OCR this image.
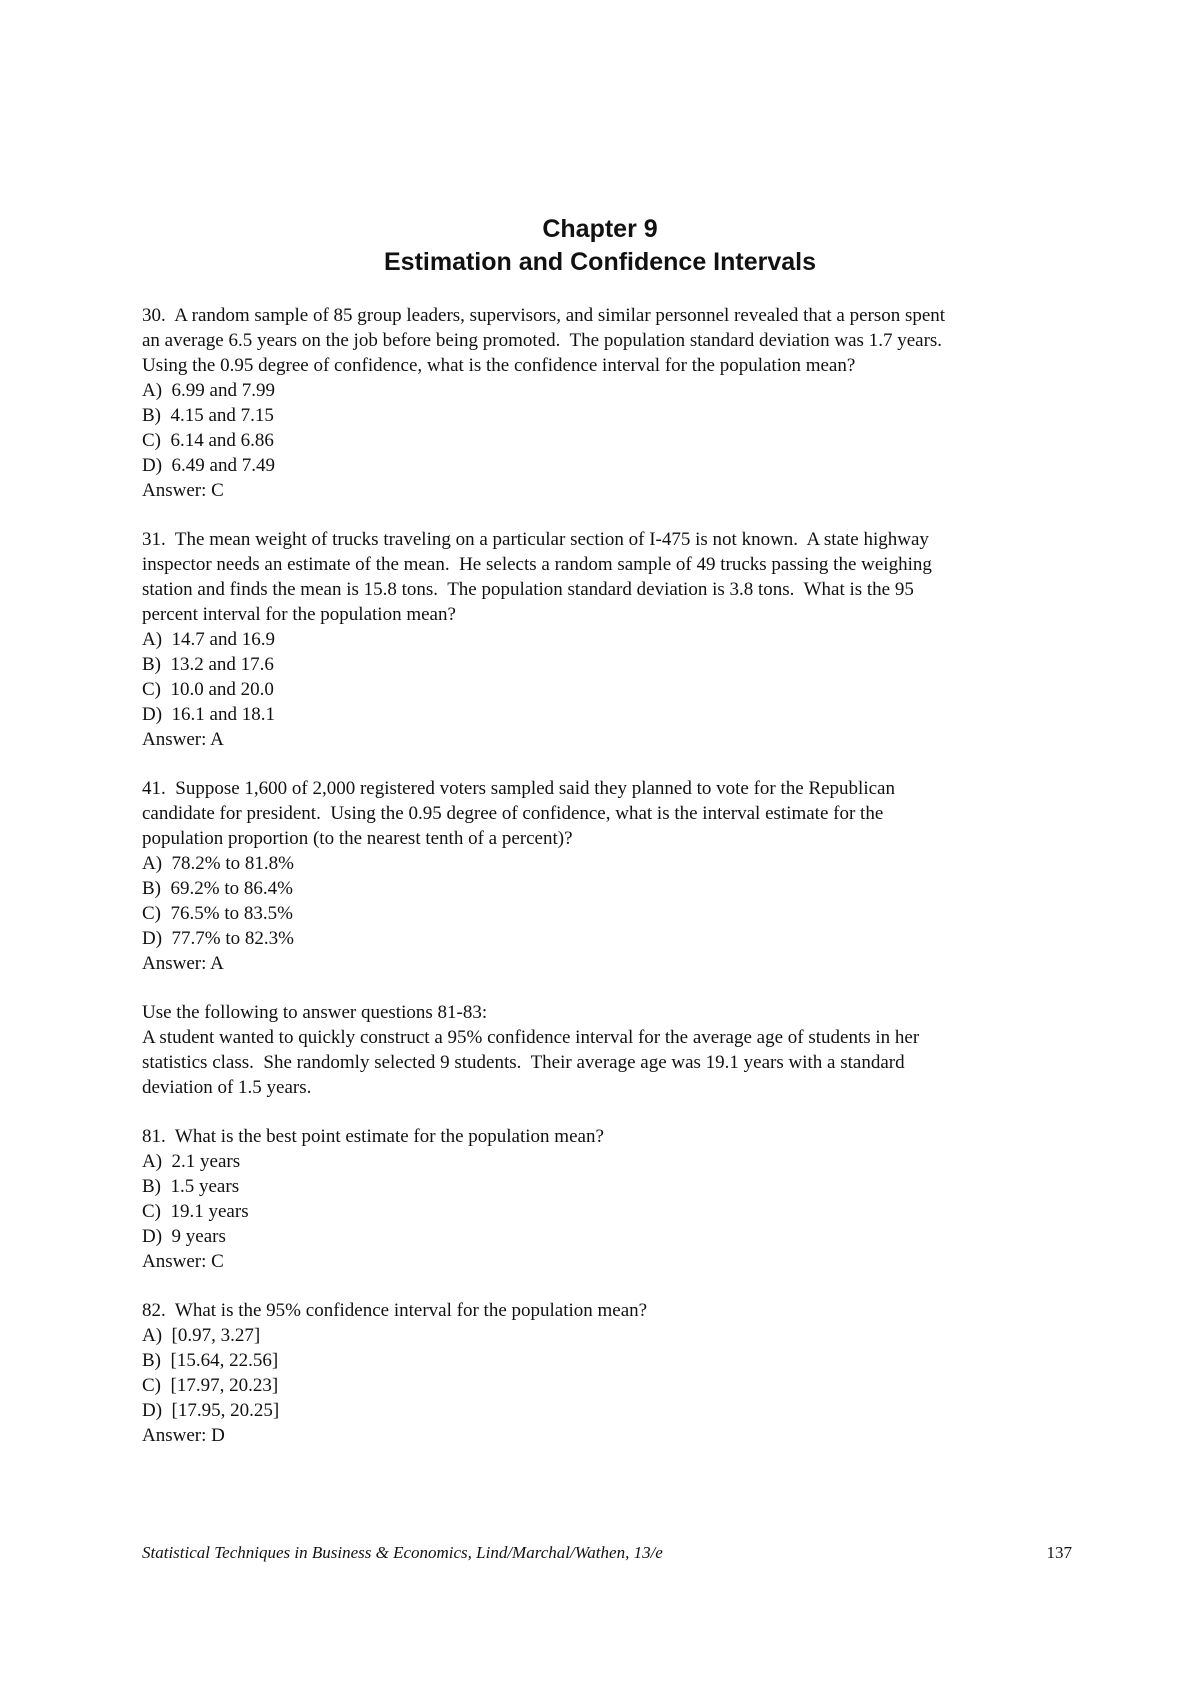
Chapter 9
Estimation and Confidence Intervals
30.  A random sample of 85 group leaders, supervisors, and similar personnel revealed that a person spent
an average 6.5 years on the job before being promoted.  The population standard deviation was 1.7 years.
Using the 0.95 degree of confidence, what is the confidence interval for the population mean?
A)  6.99 and 7.99
B)  4.15 and 7.15
C)  6.14 and 6.86
D)  6.49 and 7.49
Answer: C
31.  The mean weight of trucks traveling on a particular section of I-475 is not known.  A state highway
inspector needs an estimate of the mean.  He selects a random sample of 49 trucks passing the weighing
station and finds the mean is 15.8 tons.  The population standard deviation is 3.8 tons.  What is the 95
percent interval for the population mean?
A)  14.7 and 16.9
B)  13.2 and 17.6
C)  10.0 and 20.0
D)  16.1 and 18.1
Answer: A
41.  Suppose 1,600 of 2,000 registered voters sampled said they planned to vote for the Republican
candidate for president.  Using the 0.95 degree of confidence, what is the interval estimate for the
population proportion (to the nearest tenth of a percent)?
A)  78.2% to 81.8%
B)  69.2% to 86.4%
C)  76.5% to 83.5%
D)  77.7% to 82.3%
Answer: A
Use the following to answer questions 81-83:
A student wanted to quickly construct a 95% confidence interval for the average age of students in her
statistics class.  She randomly selected 9 students.  Their average age was 19.1 years with a standard
deviation of 1.5 years.
81.  What is the best point estimate for the population mean?
A)  2.1 years
B)  1.5 years
C)  19.1 years
D)  9 years
Answer: C
82.  What is the 95% confidence interval for the population mean?
A)  [0.97, 3.27]
B)  [15.64, 22.56]
C)  [17.97, 20.23]
D)  [17.95, 20.25]
Answer: D
Statistical Techniques in Business & Economics, Lind/Marchal/Wathen, 13/e	137
